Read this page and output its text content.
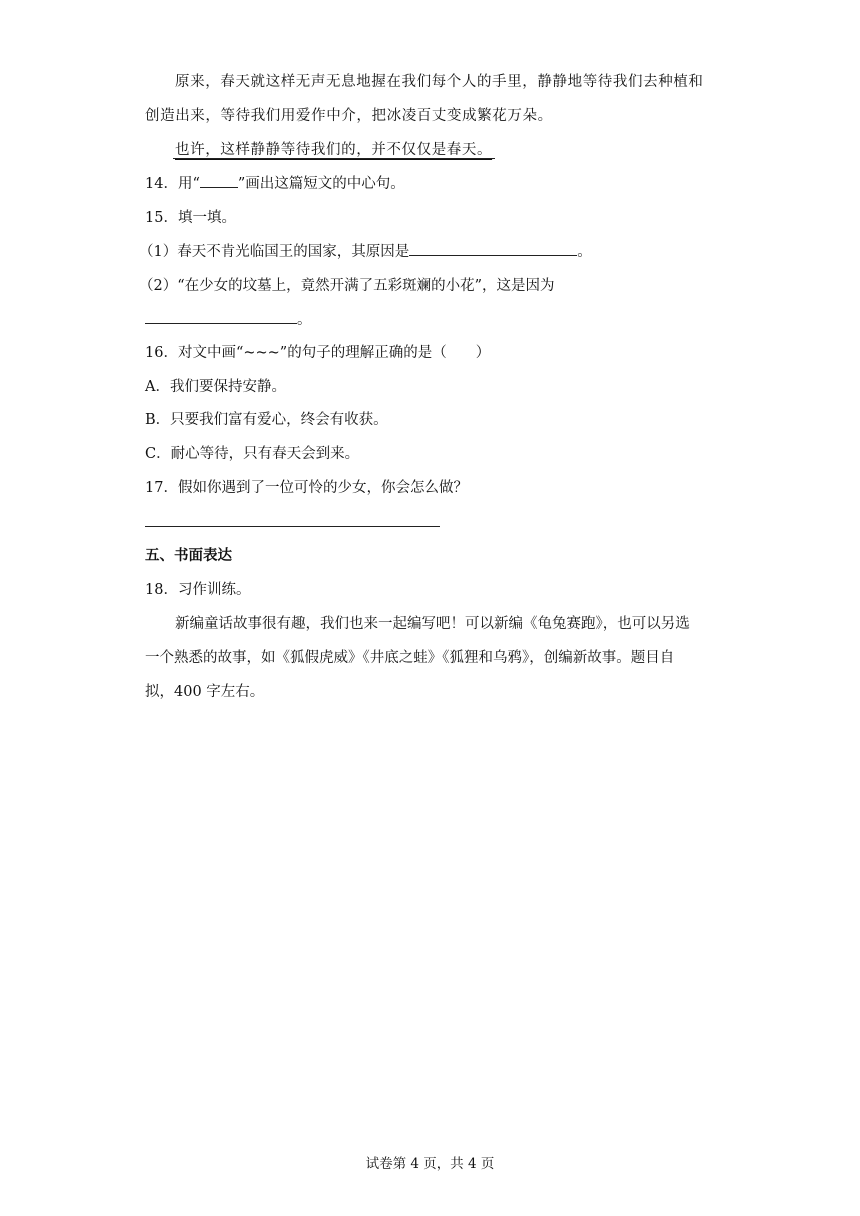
原来，春天就这样无声无息地握在我们每个人的手里，静静地等待我们去种植和
创造出来，等待我们用爱作中介，把冰凌百丈变成繁花万朵。
也许，这样静静等待我们的，并不仅仅是春天。
14．用“	”画出这篇短文的中心句。
15．填一填。
（1）春天不肯光临国王的国家，其原因是	。
（2）“在少女的坟墓上，竟然开满了五彩斑斓的小花”，这是因为
。
16．对文中画“~~~”的句子的理解正确的是（　　）
A．我们要保持安静。
B．只要我们富有爱心，终会有收获。
C．耐心等待，只有春天会到来。
17．假如你遇到了一位可怜的少女，你会怎么做？
五、书面表达
18．习作训练。
新编童话故事很有趣，我们也来一起编写吧！可以新编《龟兔赛跑》，也可以另选
一个熟悉的故事，如《狐假虎威》《井底之蛙》《狐狸和乌鸦》，创编新故事。题目自
拟，400 字左右。
试卷第 4 页，共 4 页
